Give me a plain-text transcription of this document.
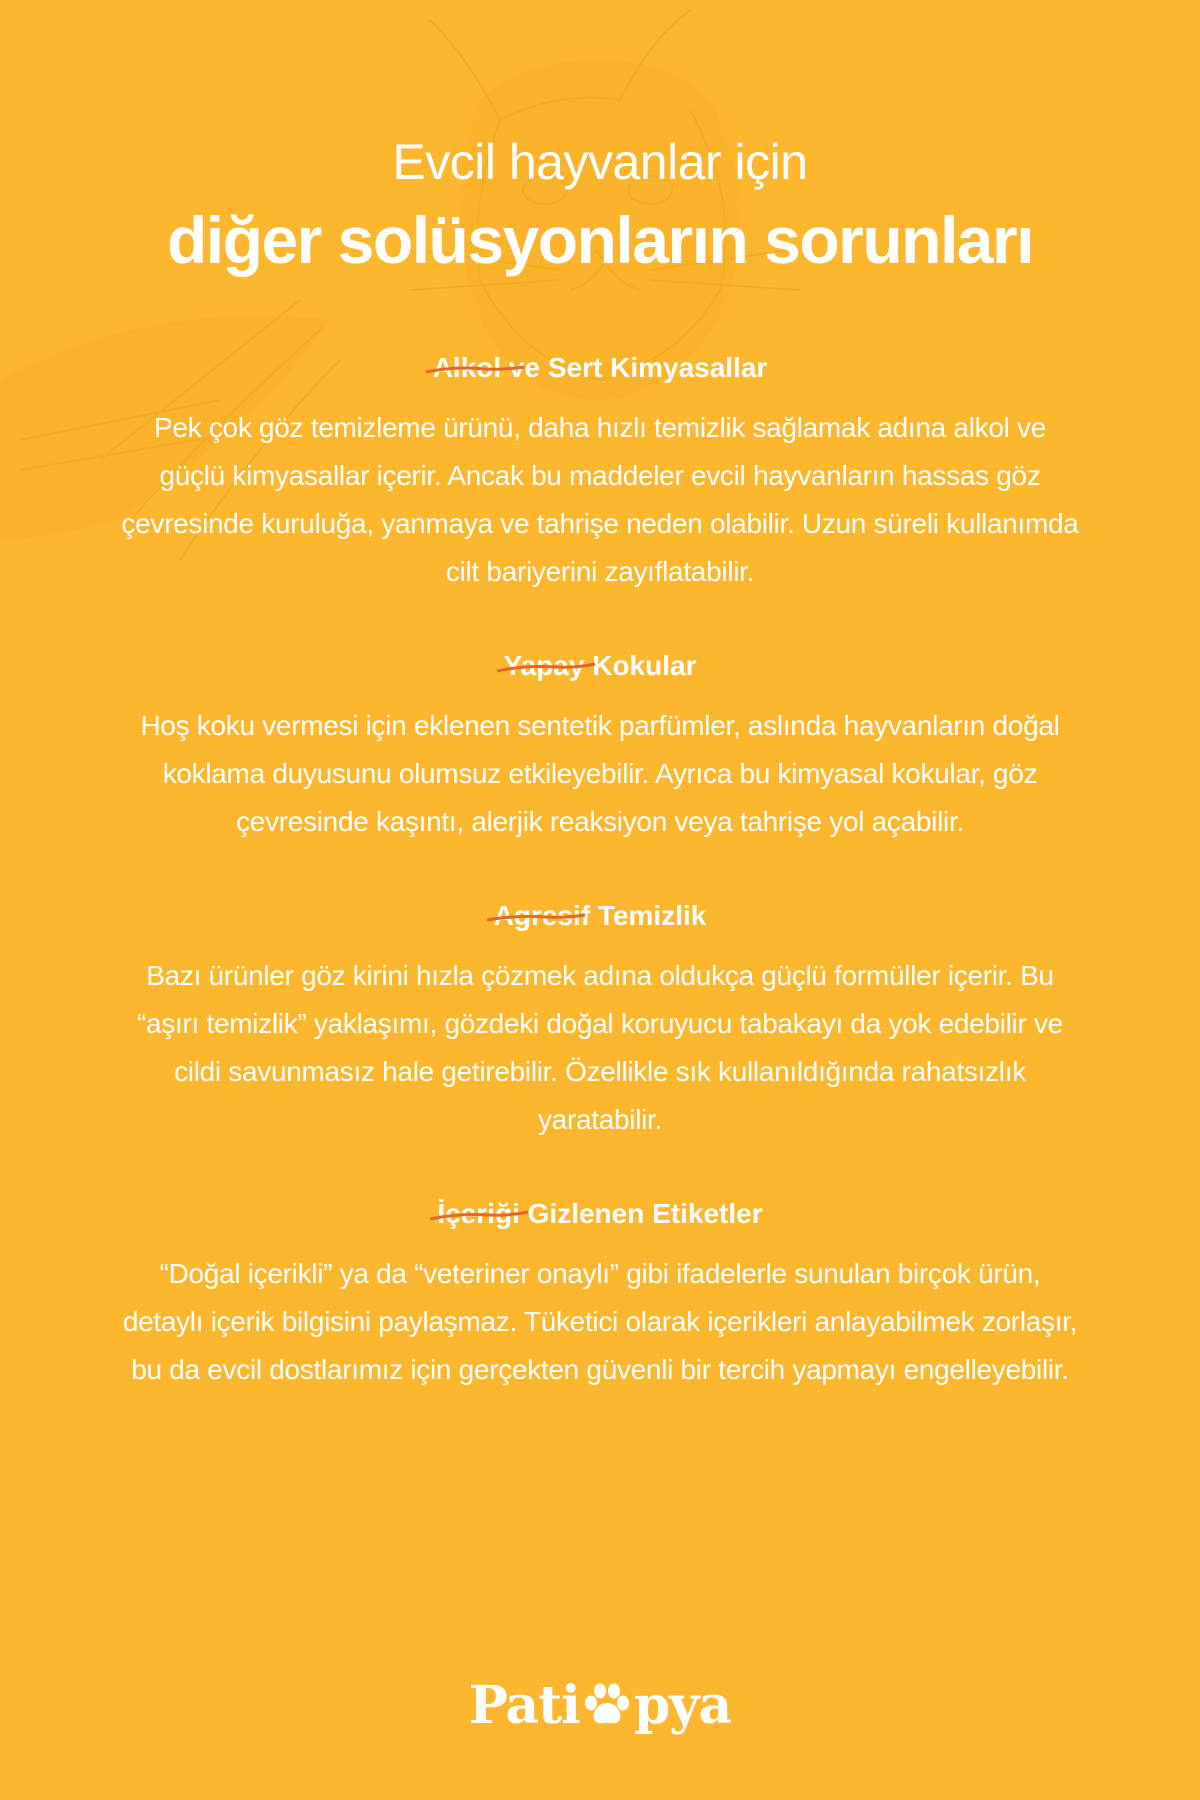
Evcil hayvanlar için

diğer solüsyonların sorunları

Alkol ve Sert Kimyasallar

Pek çok göz temizleme ürünü, daha hızlı temizlik sağlamak adına alkol ve güçlü kimyasallar içerir. Ancak bu maddeler evcil hayvanların hassas göz çevresinde kuruluğa, yanmaya ve tahrişe neden olabilir. Uzun süreli kullanımda cilt bariyerini zayıflatabilir.

Yapay Kokular

Hoş koku vermesi için eklenen sentetik parfümler, aslında hayvanların doğal koklama duyusunu olumsuz etkileyebilir. Ayrıca bu kimyasal kokular, göz çevresinde kaşıntı, alerjik reaksiyon veya tahrişe yol açabilir.

Agresif Temizlik

Bazı ürünler göz kirini hızla çözmek adına oldukça güçlü formüller içerir. Bu “aşırı temizlik” yaklaşımı, gözdeki doğal koruyucu tabakayı da yok edebilir ve cildi savunmasız hale getirebilir. Özellikle sık kullanıldığında rahatsızlık yaratabilir.

İçeriği Gizlenen Etiketler

“Doğal içerikli” ya da “veteriner onaylı” gibi ifadelerle sunulan birçok ürün, detaylı içerik bilgisini paylaşmaz. Tüketici olarak içerikleri anlayabilmek zorlaşır, bu da evcil dostlarımız için gerçekten güvenli bir tercih yapmayı engelleyebilir.

Pati pya
